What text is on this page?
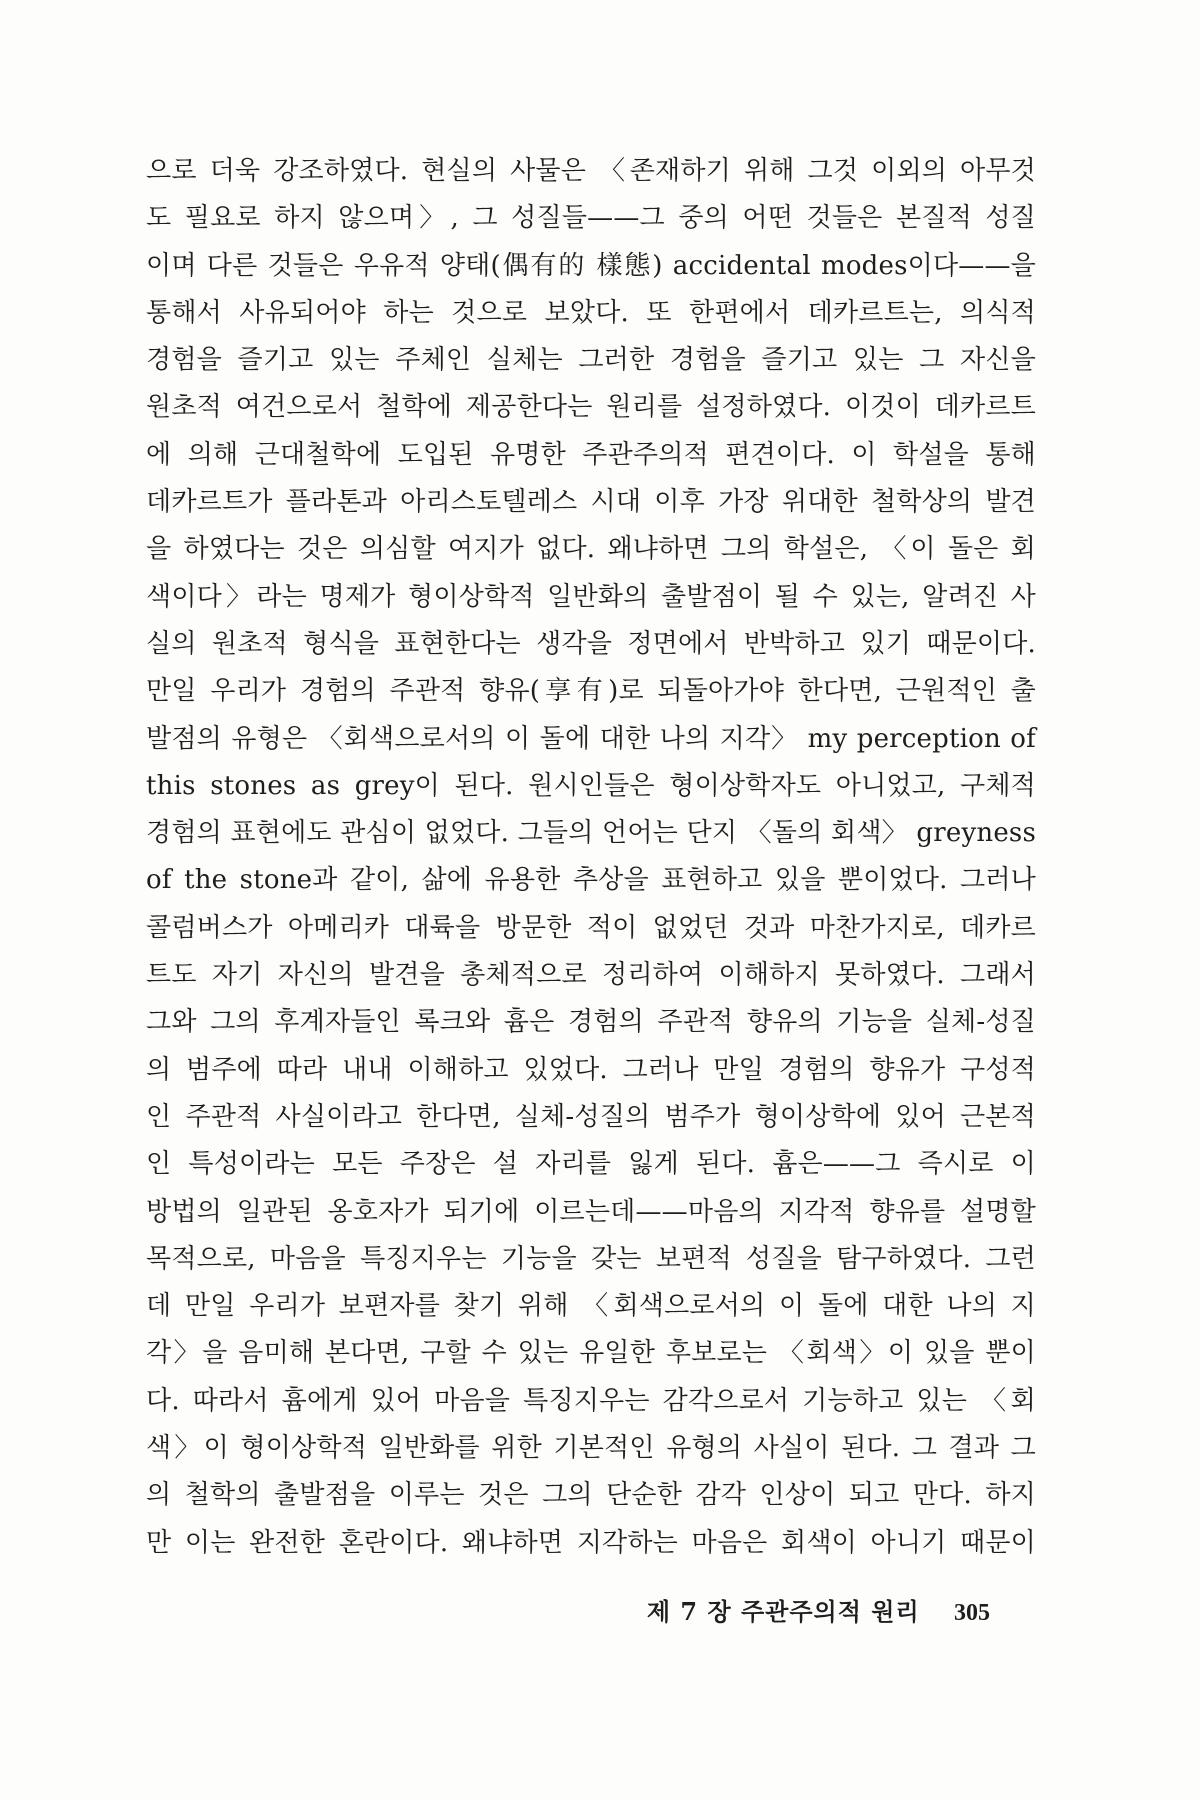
으로 더욱 강조하였다. 현실의 사물은 〈존재하기 위해 그것 이외의 아무것
도 필요로 하지 않으며〉, 그 성질들——그 중의 어떤 것들은 본질적 성질
이며 다른 것들은 우유적 양태(偶有的 樣態) accidental modes이다——을
통해서 사유되어야 하는 것으로 보았다. 또 한편에서 데카르트는, 의식적
경험을 즐기고 있는 주체인 실체는 그러한 경험을 즐기고 있는 그 자신을
원초적 여건으로서 철학에 제공한다는 원리를 설정하였다. 이것이 데카르트
에 의해 근대철학에 도입된 유명한 주관주의적 편견이다. 이 학설을 통해
데카르트가 플라톤과 아리스토텔레스 시대 이후 가장 위대한 철학상의 발견
을 하였다는 것은 의심할 여지가 없다. 왜냐하면 그의 학설은, 〈이 돌은 회
색이다〉라는 명제가 형이상학적 일반화의 출발점이 될 수 있는, 알려진 사
실의 원초적 형식을 표현한다는 생각을 정면에서 반박하고 있기 때문이다.
만일 우리가 경험의 주관적 향유(享有)로 되돌아가야 한다면, 근원적인 출
발점의 유형은 〈회색으로서의 이 돌에 대한 나의 지각〉 my perception of
this stones as grey이 된다. 원시인들은 형이상학자도 아니었고, 구체적
경험의 표현에도 관심이 없었다. 그들의 언어는 단지 〈돌의 회색〉 greyness
of the stone과 같이, 삶에 유용한 추상을 표현하고 있을 뿐이었다. 그러나
콜럼버스가 아메리카 대륙을 방문한 적이 없었던 것과 마찬가지로, 데카르
트도 자기 자신의 발견을 총체적으로 정리하여 이해하지 못하였다. 그래서
그와 그의 후계자들인 록크와 흄은 경험의 주관적 향유의 기능을 실체-성질
의 범주에 따라 내내 이해하고 있었다. 그러나 만일 경험의 향유가 구성적
인 주관적 사실이라고 한다면, 실체-성질의 범주가 형이상학에 있어 근본적
인 특성이라는 모든 주장은 설 자리를 잃게 된다. 흄은——그 즉시로 이
방법의 일관된 옹호자가 되기에 이르는데——마음의 지각적 향유를 설명할
목적으로, 마음을 특징지우는 기능을 갖는 보편적 성질을 탐구하였다. 그런
데 만일 우리가 보편자를 찾기 위해 〈회색으로서의 이 돌에 대한 나의 지
각〉을 음미해 본다면, 구할 수 있는 유일한 후보로는 〈회색〉이 있을 뿐이
다. 따라서 흄에게 있어 마음을 특징지우는 감각으로서 기능하고 있는 〈회
색〉이 형이상학적 일반화를 위한 기본적인 유형의 사실이 된다. 그 결과 그
의 철학의 출발점을 이루는 것은 그의 단순한 감각 인상이 되고 만다. 하지
만 이는 완전한 혼란이다. 왜냐하면 지각하는 마음은 회색이 아니기 때문이
제 7 장 주관주의적 원리 305
